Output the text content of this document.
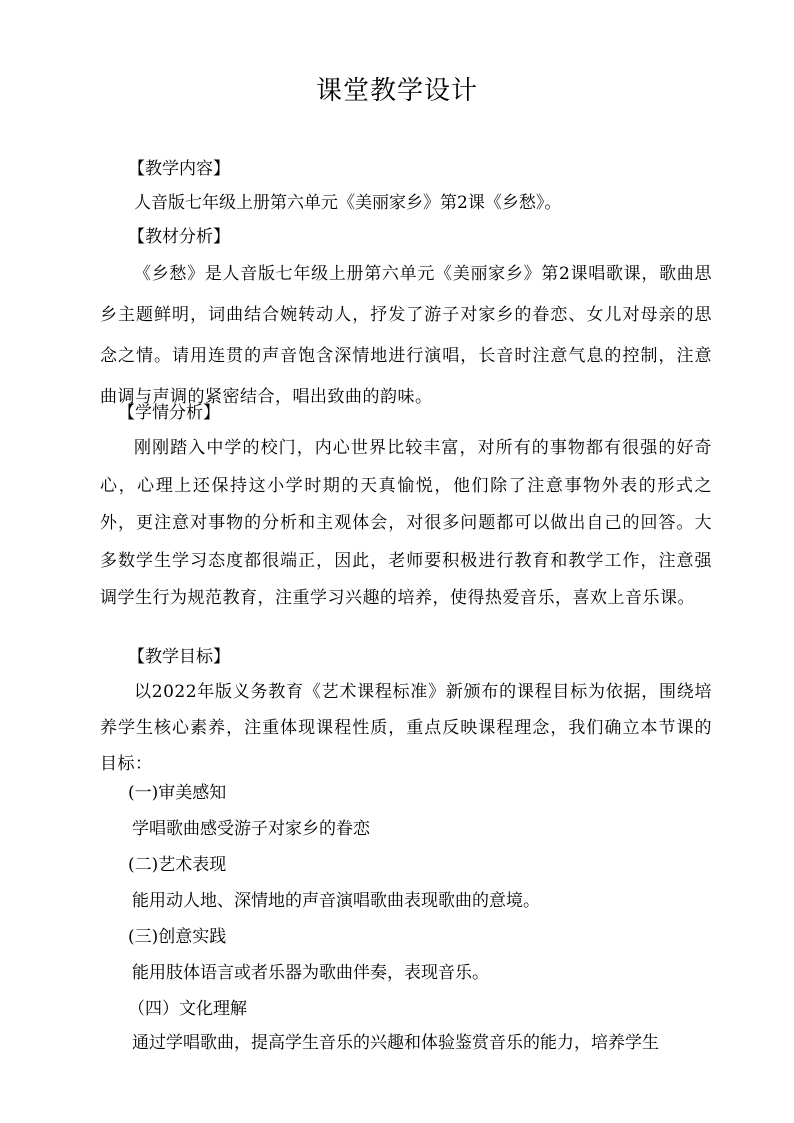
课堂教学设计
【教学内容】
人音版七年级上册第六单元《美丽家乡》第2课《乡愁》。
【教材分析】
《乡愁》是人音版七年级上册第六单元《美丽家乡》第2课唱歌课，歌曲思乡主题鲜明，词曲结合婉转动人，抒发了游子对家乡的眷恋、女儿对母亲的思念之情。请用连贯的声音饱含深情地进行演唱，长音时注意气息的控制，注意曲调与声调的紧密结合，唱出致曲的韵味。
【学情分析】
刚刚踏入中学的校门，内心世界比较丰富，对所有的事物都有很强的好奇心，心理上还保持这小学时期的天真愉悦，他们除了注意事物外表的形式之外，更注意对事物的分析和主观体会，对很多问题都可以做出自己的回答。大多数学生学习态度都很端正，因此，老师要积极进行教育和教学工作，注意强调学生行为规范教育，注重学习兴趣的培养，使得热爱音乐，喜欢上音乐课。
【教学目标】
以2022年版义务教育《艺术课程标准》新颁布的课程目标为依据，围绕培养学生核心素养，注重体现课程性质，重点反映课程理念，我们确立本节课的目标：
(一)审美感知
学唱歌曲感受游子对家乡的眷恋
(二)艺术表现
能用动人地、深情地的声音演唱歌曲表现歌曲的意境。
(三)创意实践
能用肢体语言或者乐器为歌曲伴奏，表现音乐。
（四）文化理解
通过学唱歌曲，提高学生音乐的兴趣和体验鉴赏音乐的能力，培养学生
